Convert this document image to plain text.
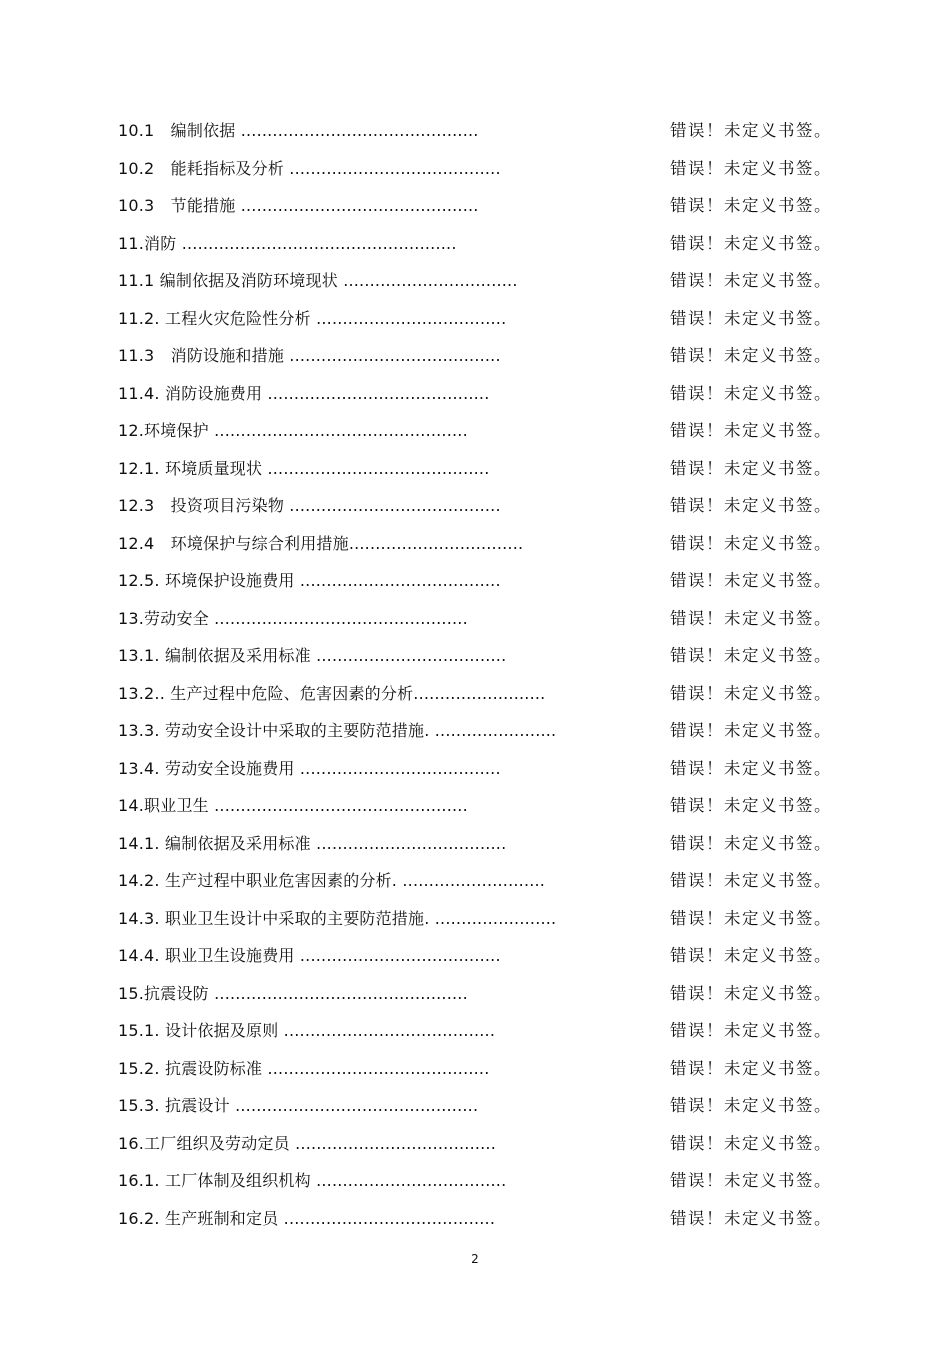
10.1　编制依据 .............................................	错误！未定义书签。
10.2　能耗指标及分析 ........................................	错误！未定义书签。
10.3　节能措施 .............................................	错误！未定义书签。
11.消防 ....................................................	错误！未定义书签。
11.1 编制依据及消防环境现状 .................................	错误！未定义书签。
11.2. 工程火灾危险性分析 ....................................	错误！未定义书签。
11.3　消防设施和措施 ........................................	错误！未定义书签。
11.4. 消防设施费用 ..........................................	错误！未定义书签。
12.环境保护 ................................................	错误！未定义书签。
12.1. 环境质量现状 ..........................................	错误！未定义书签。
12.3　投资项目污染物 ........................................	错误！未定义书签。
12.4　环境保护与综合利用措施.................................	错误！未定义书签。
12.5. 环境保护设施费用 ......................................	错误！未定义书签。
13.劳动安全 ................................................	错误！未定义书签。
13.1. 编制依据及采用标准 ....................................	错误！未定义书签。
13.2.. 生产过程中危险、危害因素的分析.........................	错误！未定义书签。
13.3. 劳动安全设计中采取的主要防范措施. .......................	错误！未定义书签。
13.4. 劳动安全设施费用 ......................................	错误！未定义书签。
14.职业卫生 ................................................	错误！未定义书签。
14.1. 编制依据及采用标准 ....................................	错误！未定义书签。
14.2. 生产过程中职业危害因素的分析. ...........................	错误！未定义书签。
14.3. 职业卫生设计中采取的主要防范措施. .......................	错误！未定义书签。
14.4. 职业卫生设施费用 ......................................	错误！未定义书签。
15.抗震设防 ................................................	错误！未定义书签。
15.1. 设计依据及原则 ........................................	错误！未定义书签。
15.2. 抗震设防标准 ..........................................	错误！未定义书签。
15.3. 抗震设计 ..............................................	错误！未定义书签。
16.工厂组织及劳动定员 ......................................	错误！未定义书签。
16.1. 工厂体制及组织机构 ....................................	错误！未定义书签。
16.2. 生产班制和定员 ........................................	错误！未定义书签。
2
